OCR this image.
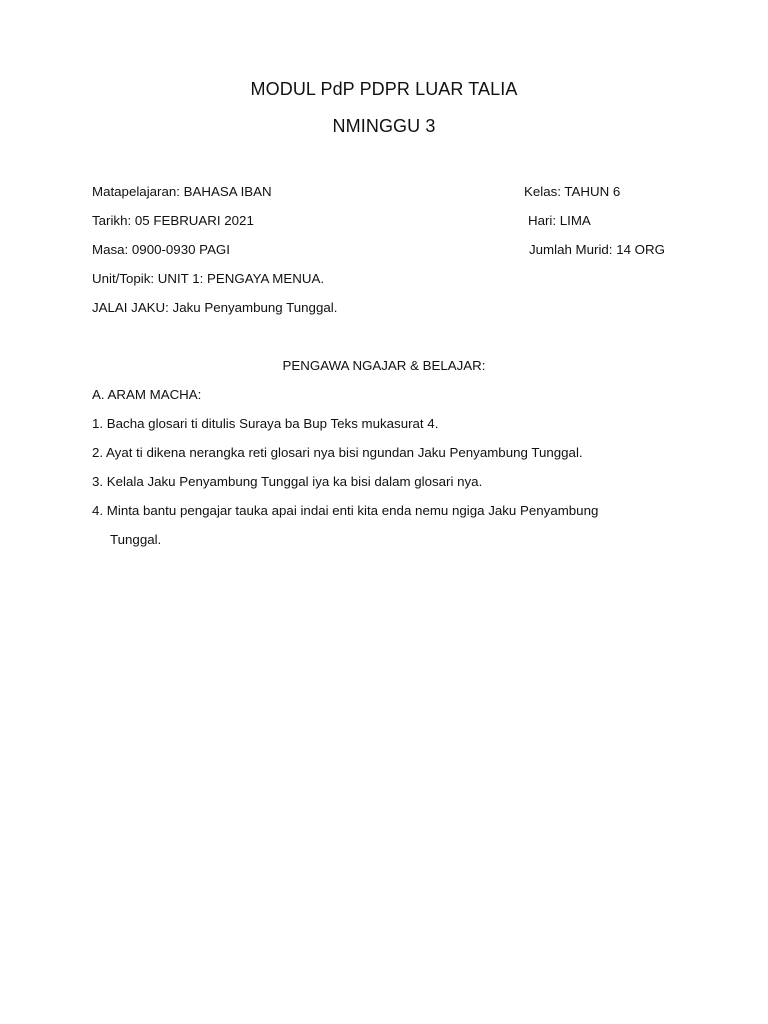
MODUL PdP PDPR LUAR TALIA
NMINGGU 3
Matapelajaran: BAHASA IBAN	Kelas: TAHUN 6
Tarikh: 05 FEBRUARI 2021	Hari: LIMA
Masa: 0900-0930 PAGI	Jumlah Murid: 14 ORG
Unit/Topik: UNIT 1: PENGAYA MENUA.
JALAI JAKU: Jaku Penyambung Tunggal.
PENGAWA NGAJAR & BELAJAR:
A. ARAM MACHA:
1. Bacha glosari ti ditulis Suraya ba Bup Teks mukasurat 4.
2. Ayat ti dikena nerangka reti glosari nya bisi ngundan Jaku Penyambung Tunggal.
3. Kelala Jaku Penyambung Tunggal iya ka bisi dalam glosari nya.
4. Minta bantu pengajar tauka apai indai enti kita enda nemu ngiga Jaku Penyambung
Tunggal.
